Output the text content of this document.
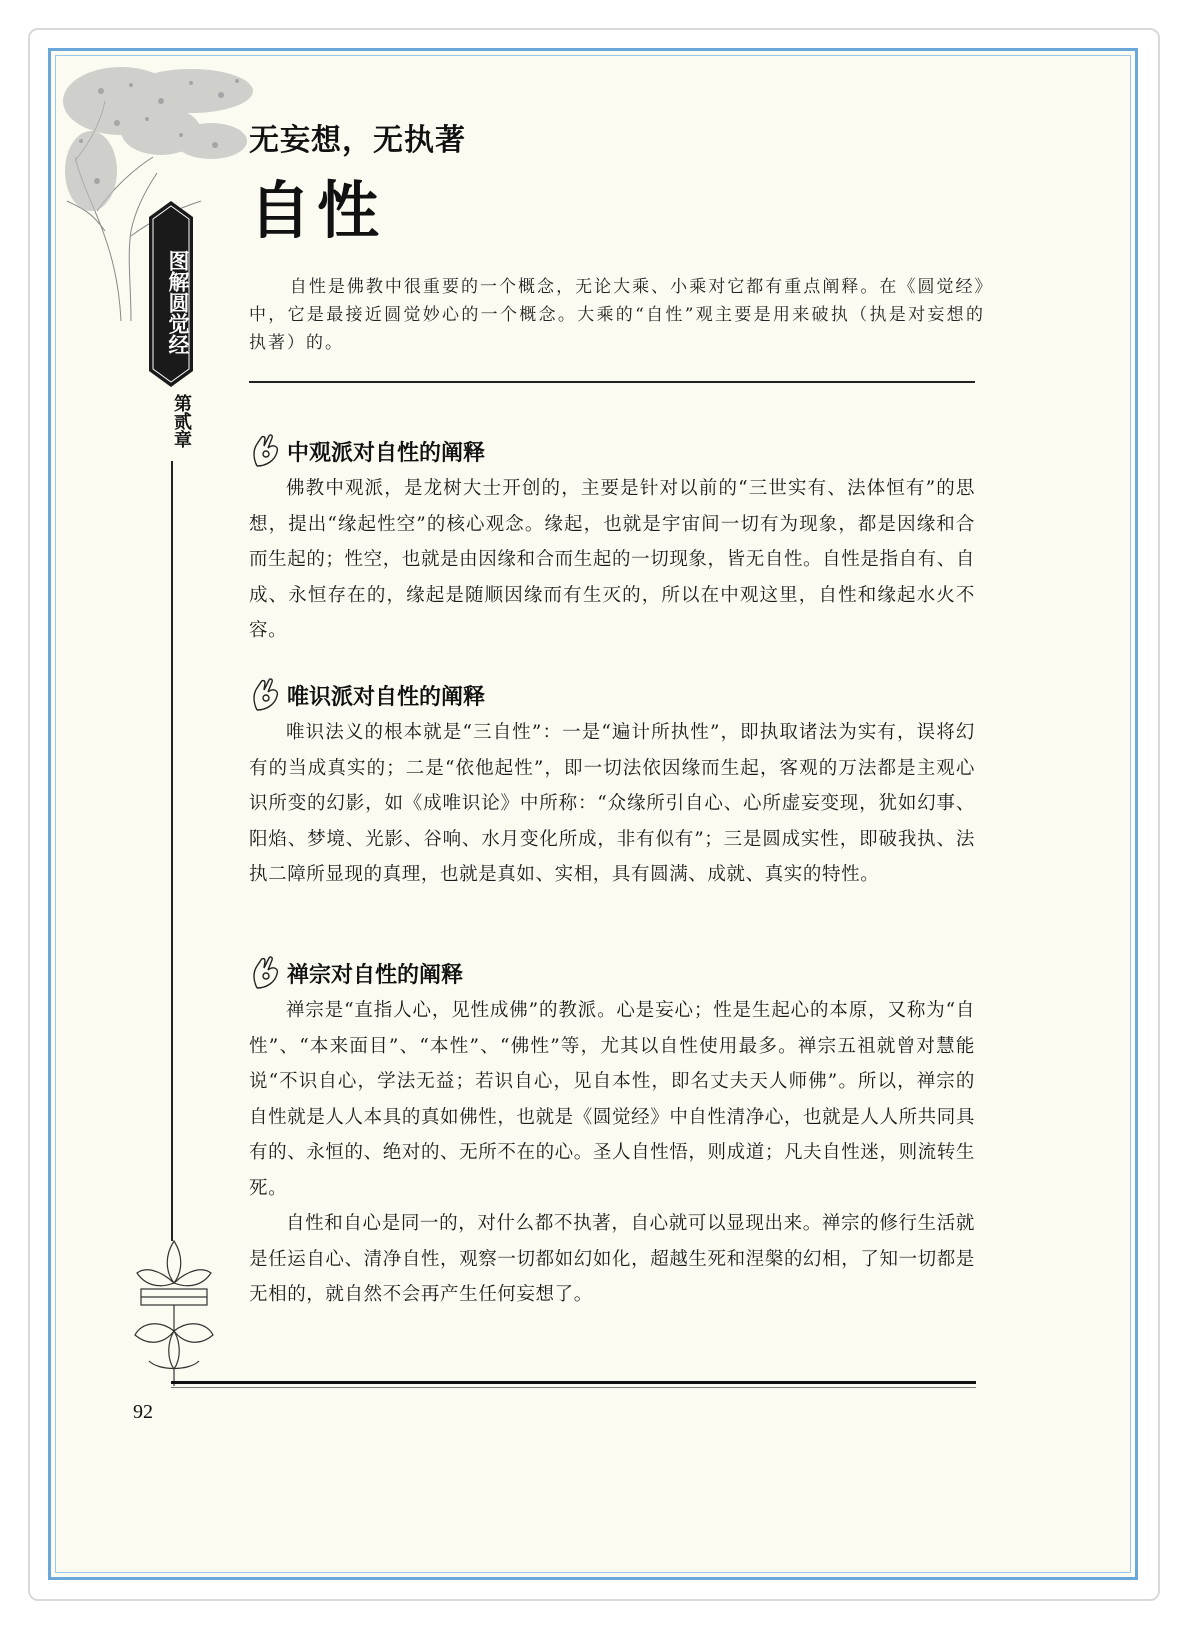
图解圆觉经
第贰章
无妄想，无执著
自性

自性是佛教中很重要的一个概念，无论大乘、小乘对它都有重点阐释。在《圆觉经》中，它是最接近圆觉妙心的一个概念。大乘的“自性”观主要是用来破执（执是对妄想的执著）的。

中观派对自性的阐释

佛教中观派，是龙树大士开创的，主要是针对以前的“三世实有、法体恒有”的思想，提出“缘起性空”的核心观念。缘起，也就是宇宙间一切有为现象，都是因缘和合而生起的；性空，也就是由因缘和合而生起的一切现象，皆无自性。自性是指自有、自成、永恒存在的，缘起是随顺因缘而有生灭的，所以在中观这里，自性和缘起水火不容。

唯识派对自性的阐释

唯识法义的根本就是“三自性”：一是“遍计所执性”，即执取诸法为实有，误将幻有的当成真实的；二是“依他起性”，即一切法依因缘而生起，客观的万法都是主观心识所变的幻影，如《成唯识论》中所称：“众缘所引自心、心所虚妄变现，犹如幻事、阳焰、梦境、光影、谷响、水月变化所成，非有似有”；三是圆成实性，即破我执、法执二障所显现的真理，也就是真如、实相，具有圆满、成就、真实的特性。

禅宗对自性的阐释

禅宗是“直指人心，见性成佛”的教派。心是妄心；性是生起心的本原，又称为“自性”、“本来面目”、“本性”、“佛性”等，尤其以自性使用最多。禅宗五祖就曾对慧能说“不识自心，学法无益；若识自心，见自本性，即名丈夫天人师佛”。所以，禅宗的自性就是人人本具的真如佛性，也就是《圆觉经》中自性清净心，也就是人人所共同具有的、永恒的、绝对的、无所不在的心。圣人自性悟，则成道；凡夫自性迷，则流转生死。

自性和自心是同一的，对什么都不执著，自心就可以显现出来。禅宗的修行生活就是任运自心、清净自性，观察一切都如幻如化，超越生死和涅槃的幻相，了知一切都是无相的，就自然不会再产生任何妄想了。

92
